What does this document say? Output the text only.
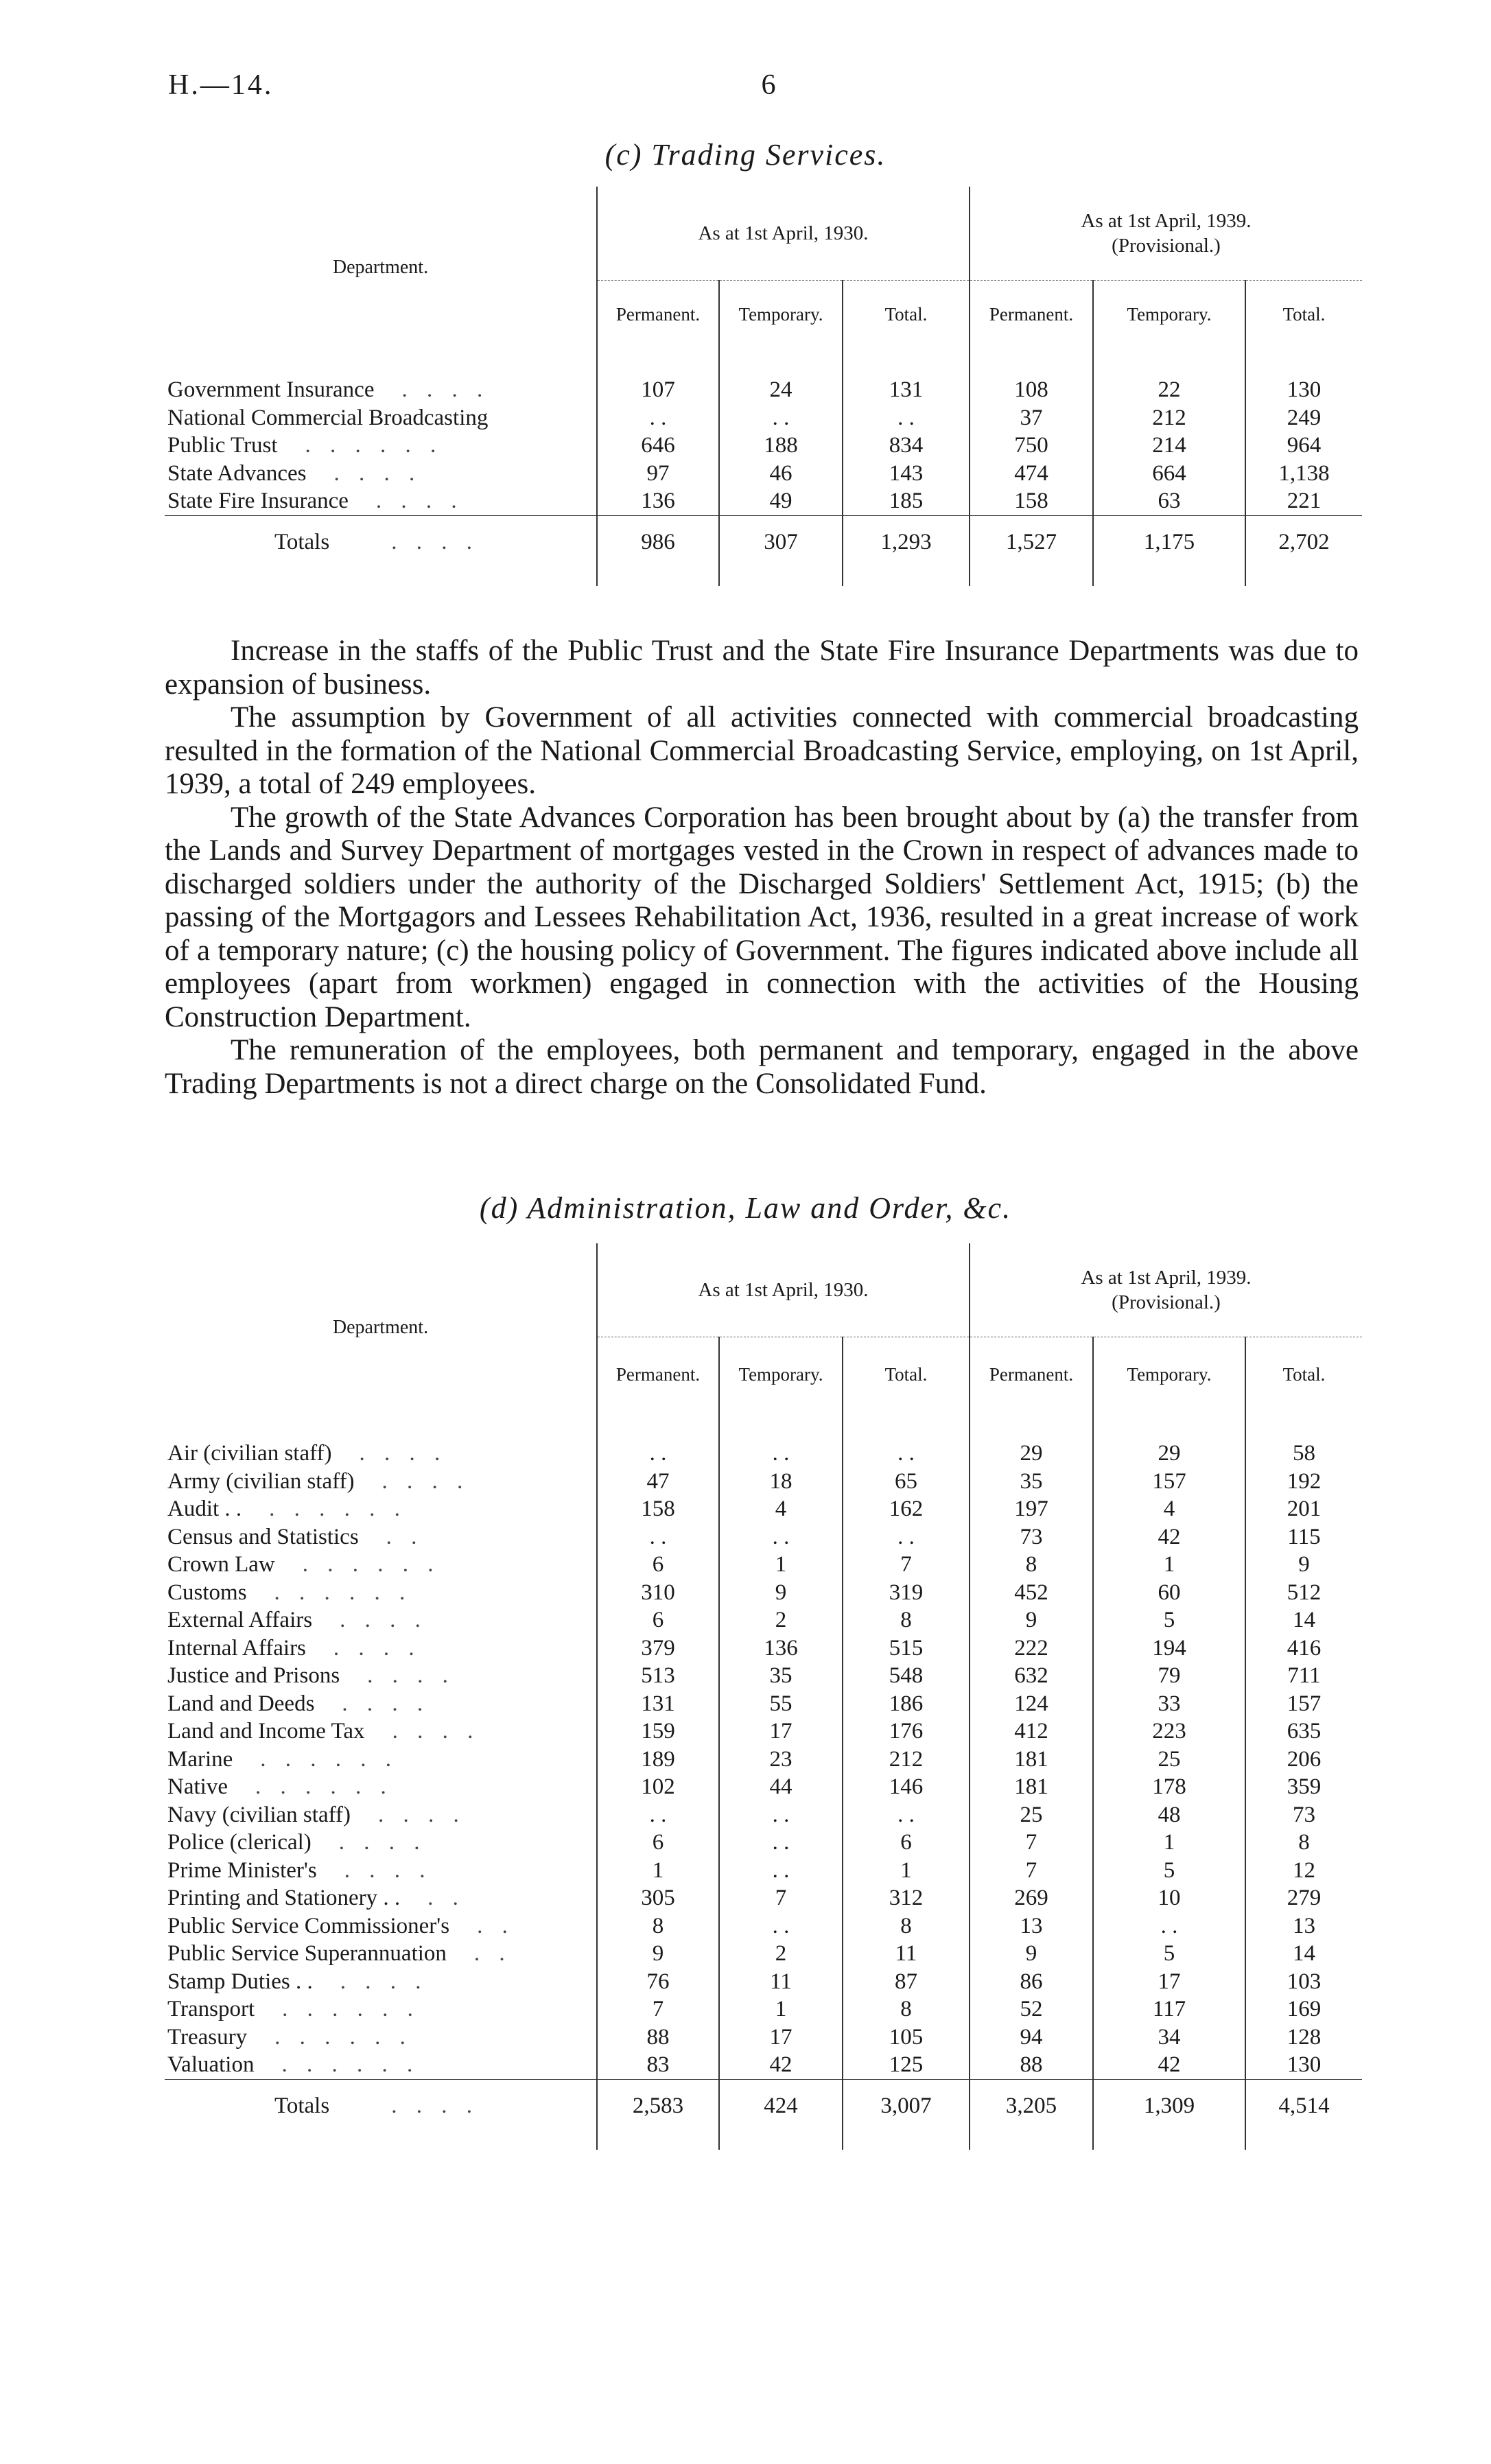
H.—14.	6
(c) Trading Services.
Department.	As at 1st April, 1930.			As at 1st April, 1939.
(Provisional.)		

	Permanent.	Temporary.	Total.	Permanent.	Temporary.	Total.

Government Insurance . . . .	107	24	131	108	22	130
National Commercial Broadcasting	. .	. .	. .	37	212	249
Public Trust . . . . . .	646	188	834	750	214	964
State Advances . . . .	97	46	143	474	664	1,138
State Fire Insurance . . . .	136	49	185	158	63	221
Totals . . . .	986	307	1,293	1,527	1,175	2,702

Increase in the staffs of the Public Trust and the State Fire Insurance Departments was due to expansion of business.

The assumption by Government of all activities connected with commercial broadcasting resulted in the formation of the National Commercial Broadcasting Service, employing, on 1st April, 1939, a total of 249 employees.

The growth of the State Advances Corporation has been brought about by (a) the transfer from the Lands and Survey Department of mortgages vested in the Crown in respect of advances made to discharged soldiers under the authority of the Discharged Soldiers' Settlement Act, 1915; (b) the passing of the Mortgagors and Lessees Rehabilitation Act, 1936, resulted in a great increase of work of a temporary nature; (c) the housing policy of Government. The figures indicated above include all employees (apart from workmen) engaged in connection with the activities of the Housing Construction Department.

The remuneration of the employees, both permanent and temporary, engaged in the above Trading Departments is not a direct charge on the Consolidated Fund.

(d) Administration, Law and Order, &c.
Department.	As at 1st April, 1930.			As at 1st April, 1939.
(Provisional.)		

	Permanent.	Temporary.	Total.	Permanent.	Temporary.	Total.

Air (civilian staff) . . . .	. .	. .	. .	29	29	58
Army (civilian staff) . . . .	47	18	65	35	157	192
Audit . . . . . . . .	158	4	162	197	4	201
Census and Statistics . .	. .	. .	. .	73	42	115
Crown Law . . . . . .	6	1	7	8	1	9
Customs . . . . . .	310	9	319	452	60	512
External Affairs . . . .	6	2	8	9	5	14
Internal Affairs . . . .	379	136	515	222	194	416
Justice and Prisons . . . .	513	35	548	632	79	711
Land and Deeds . . . .	131	55	186	124	33	157
Land and Income Tax . . . .	159	17	176	412	223	635
Marine . . . . . .	189	23	212	181	25	206
Native . . . . . .	102	44	146	181	178	359
Navy (civilian staff) . . . .	. .	. .	. .	25	48	73
Police (clerical) . . . .	6	. .	6	7	1	8
Prime Minister's . . . .	1	. .	1	7	5	12
Printing and Stationery . . . .	305	7	312	269	10	279
Public Service Commissioner's . .	8	. .	8	13	. .	13
Public Service Superannuation . .	9	2	11	9	5	14
Stamp Duties . . . . . .	76	11	87	86	17	103
Transport . . . . . .	7	1	8	52	117	169
Treasury . . . . . .	88	17	105	94	34	128
Valuation . . . . . .	83	42	125	88	42	130
Totals . . . .	2,583	424	3,007	3,205	1,309	4,514
